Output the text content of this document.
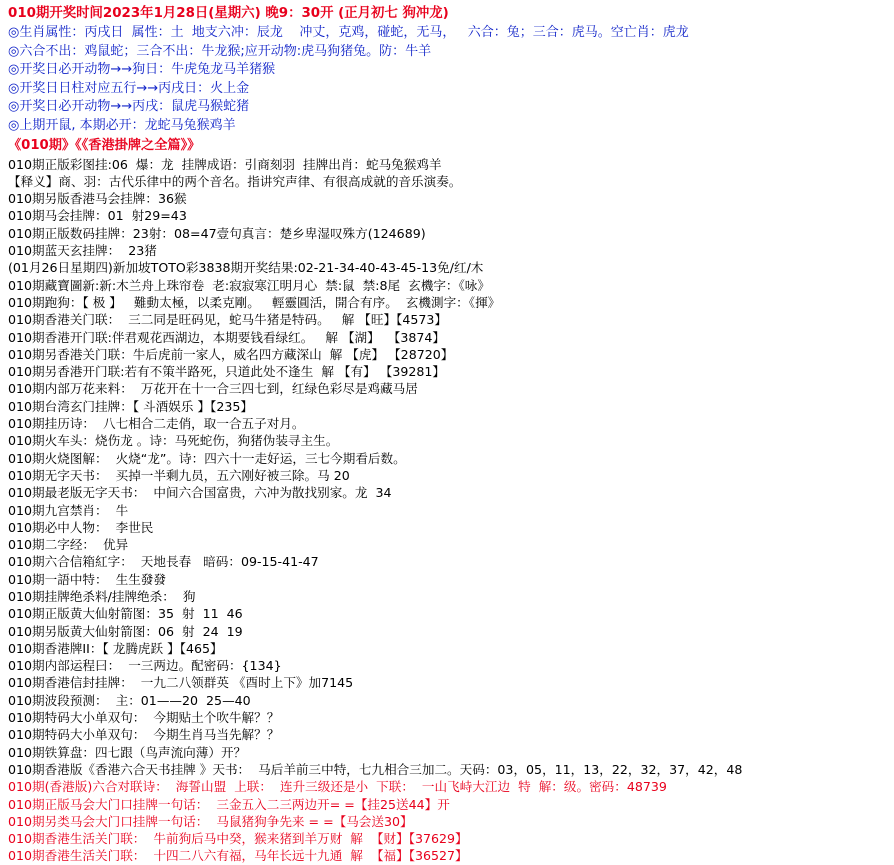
010期开奖时间2023年1月28日(星期六) 晚9：30开 (正月初七 狗冲龙)
◎生肖属性：丙戌日  属性：土  地支六冲：辰龙    冲丈，克鸡，碰蛇，无马，   六合：兔；三合：虎马。空亡肖：虎龙
◎六合不出：鸡鼠蛇；三合不出：牛龙猴;应开动物:虎马狗猪兔。防：牛羊
◎开奖日必开动物→→狗日：牛虎兔龙马羊猪猴
◎开奖日日柱对应五行→→丙戌日：火上金
◎开奖日必开动物→→丙戌：鼠虎马猴蛇猪
◎上期开鼠, 本期必开：龙蛇马兔猴鸡羊
《010期》《《香港掛牌之全篇》》
010期正版彩图挂:06  爆：龙  挂牌成语：引商刻羽  挂牌出肖：蛇马兔猴鸡羊
【释义】商、羽：古代乐律中的两个音名。指讲究声律、有很高成就的音乐演奏。
010期另版香港马会挂牌：36猴
010期马会挂牌：01  射29=43
010期正版数码挂牌：23射：08=47壹句真言：楚乡卑湿叹殊方(124689)
010期蓝天玄挂牌：  23猪
(01月26日星期四)新加坡TOTO彩3838期开奖结果:02-21-34-40-43-45-13免/红/木
010期藏寶圖新:新:木兰舟上珠帘卷  老:寂寂寒江明月心  禁:鼠  禁:8尾  玄機字：《咏》
010期跑狗：【 极 】   難動太極，以柔克剛。   輕靈圓活，開合有序。  玄機測字：《揮》
010期香港关门联：  三二同是旺码见，蛇马牛猪是特码。   解 【旺】【4573】
010期香港开门联:伴君观花西湖边，本期要钱看绿红。   解 【湖】  【3874】
010期另香港关门联：牛后虎前一家人，威名四方藏深山  解 【虎】 【28720】
010期另香港开门联:若有不策半路死，只道此处不逢生  解 【有】 【39281】
010期内部万花来料：  万花开在十一合三四七到，红绿色彩尽是鸡藏马居
010期台湾玄门挂牌：【 斗酒娱乐 】【235】
010期挂历诗：  八七相合二走俏，取一合五子对月。
010期火车头：烧伤龙 。诗：马死蛇伤，狗猪伪装寻主生。
010期火烧图解：  火烧“龙”。诗：四六十一走好运，三七今期看后数。
010期无字天书：  买掉一半剩九员，五六刚好被三除。马 20
010期最老版无字天书：  中间六合国富贵，六冲为散找别家。龙  34
010期九宫禁肖：  牛
010期必中人物：  李世民
010期二字经：  优异
010期六合信箱紅字：  天地長春   暗码：09-15-41-47
010期一語中特：  生生發發
010期挂牌绝杀料/挂牌绝杀：  狗
010期正版黄大仙射箭图：35  射  11  46
010期另版黄大仙射箭图：06  射  24  19
010期香港牌II：【 龙腾虎跃 】【465】
010期内部运程曰：  一三两边。配密码：{134}
010期香港信封挂牌：  一九二八领群英 《酉时上下》加7145
010期波段预测：  主：01——20  25—40
010期特码大小单双句：  今期贴土个吹牛解？？
010期特码大小单双句：  今期生肖马当先解？？
010期铁算盘：四七跟（鸟声流向薄）开？
010期香港版《香港六合天书挂牌 》天书：  马后羊前三中特，七九相合三加二。天码：03，05，11，13，22，32，37，42，48
010期(香港版)六合对联诗：  海誓山盟  上联：  连升三级还是小  下联：  一山飞峙大江边  特  解：级。密码：48739
010期正版马会大门口挂牌一句话：  三金五入二三两边开= =【挂25送44】开
010期另类马会大门口挂牌一句话：  马鼠猪狗争先来 = =【马会送30】
010期香港生活关门联：  牛前狗后马中癸，猴来猪到羊万财  解  【财】【37629】
010期香港生活关门联：  十四二八六有福，马年长远十九通  解  【福】【36527】
